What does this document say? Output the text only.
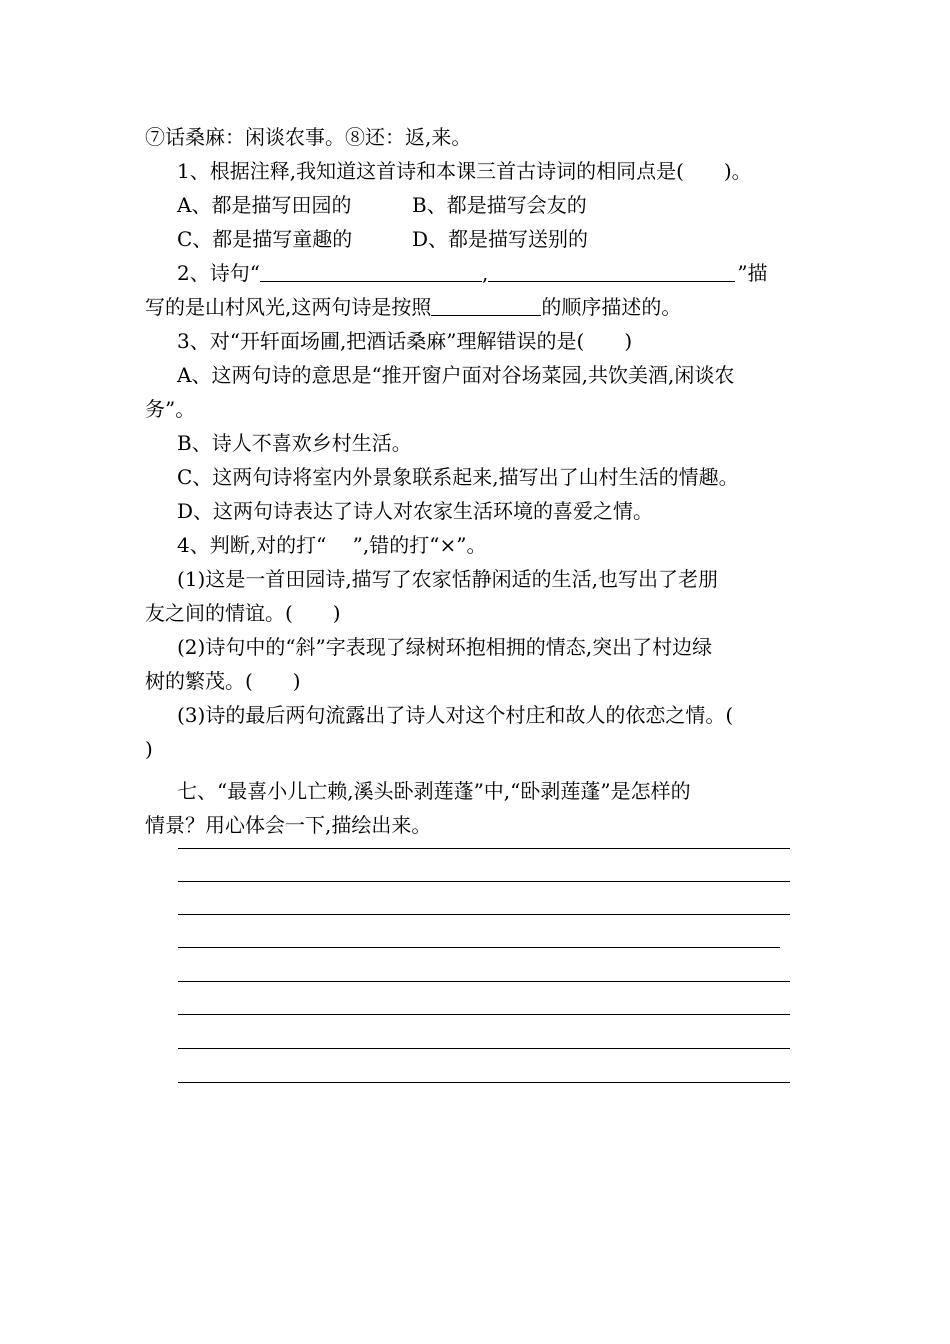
⑦话桑麻：闲谈农事。⑧还：返,来。
1、根据注释,我知道这首诗和本课三首古诗词的相同点是(　　)。
A、都是描写田园的	B、都是描写会友的
C、都是描写童趣的	D、都是描写送别的
2、诗句“	,	”描
写的是山村风光,这两句诗是按照	的顺序描述的。
3、对“开轩面场圃,把酒话桑麻”理解错误的是(　　)
A、这两句诗的意思是“推开窗户面对谷场菜园,共饮美酒,闲谈农
务”。
B、诗人不喜欢乡村生活。
C、这两句诗将室内外景象联系起来,描写出了山村生活的情趣。
D、这两句诗表达了诗人对农家生活环境的喜爱之情。
4、判断,对的打“　 ”,错的打“×”。
(1)这是一首田园诗,描写了农家恬静闲适的生活,也写出了老朋
友之间的情谊。(　　)
(2)诗句中的“斜”字表现了绿树环抱相拥的情态,突出了村边绿
树的繁茂。(　　)
(3)诗的最后两句流露出了诗人对这个村庄和故人的依恋之情。(
)
七、“最喜小儿亡赖,溪头卧剥莲蓬”中,“卧剥莲蓬”是怎样的
情景？用心体会一下,描绘出来。
